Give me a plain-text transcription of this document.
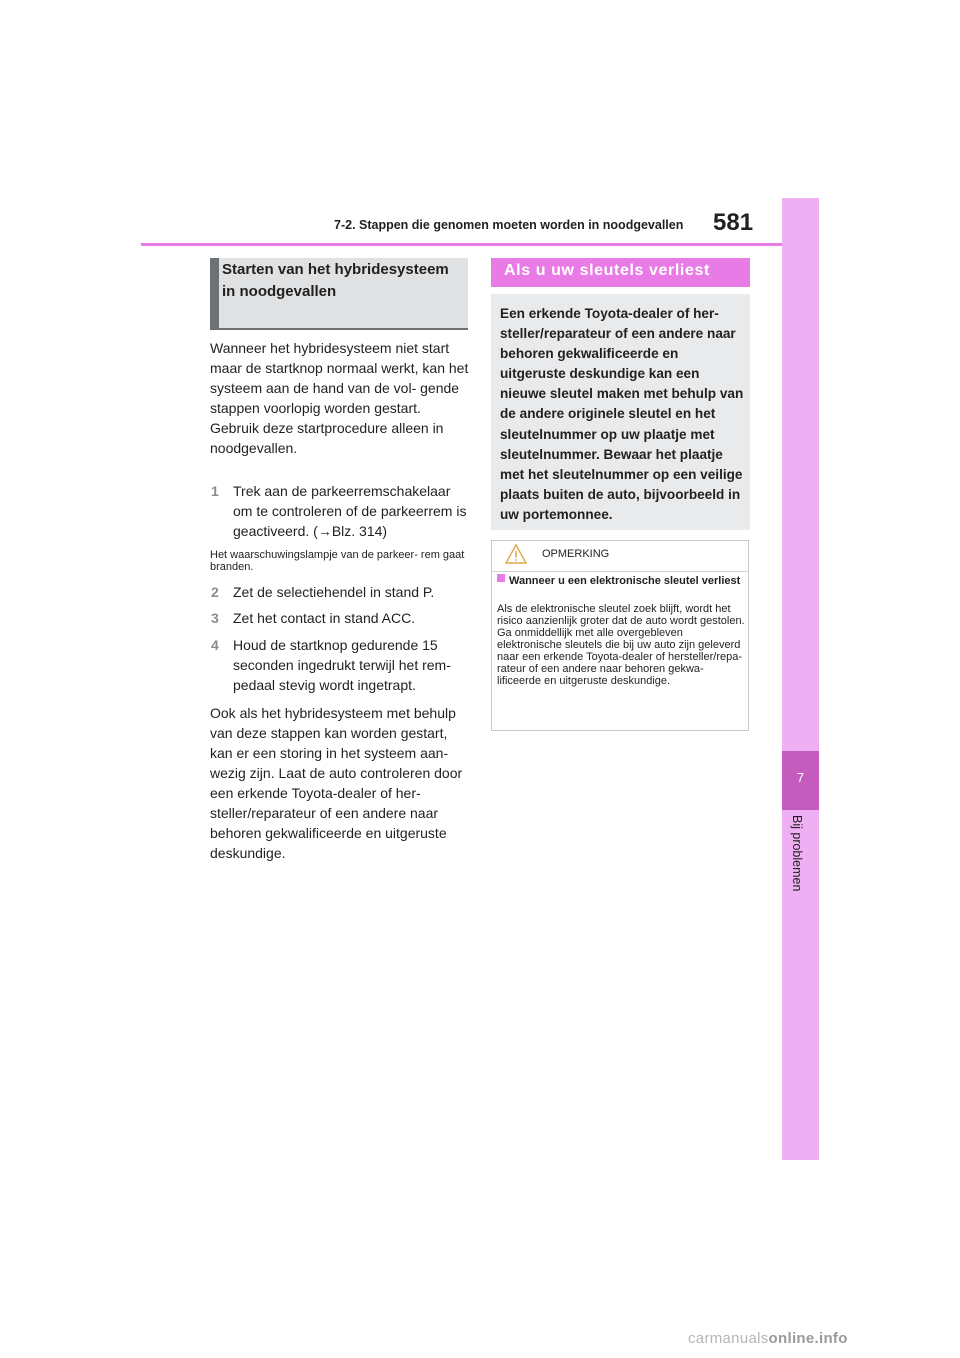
7-2. Stappen die genomen moeten worden in noodgevallen 581
7
Bij problemen
Starten van het hybridesysteem in noodgevallen
Wanneer het hybridesysteem niet start maar de startknop normaal werkt, kan het systeem aan de hand van de vol- gende stappen voorlopig worden gestart.
Gebruik deze startprocedure alleen in noodgevallen.
1 Trek aan de parkeerremschakelaar om te controleren of de parkeerrem is geactiveerd. (→Blz. 314)
Het waarschuwingslampje van de parkeer- rem gaat branden.
2 Zet de selectiehendel in stand P.
3 Zet het contact in stand ACC.
4 Houd de startknop gedurende 15 seconden ingedrukt terwijl het rem- pedaal stevig wordt ingetrapt.
Ook als het hybridesysteem met behulp van deze stappen kan worden gestart, kan er een storing in het systeem aan- wezig zijn. Laat de auto controleren door een erkende Toyota-dealer of her- steller/reparateur of een andere naar behoren gekwalificeerde en uitgeruste deskundige.
Als u uw sleutels verliest
Een erkende Toyota-dealer of her- steller/reparateur of een andere naar behoren gekwalificeerde en uitgeruste deskundige kan een nieuwe sleutel maken met behulp van de andere originele sleutel en het sleutelnummer op uw plaatje met sleutelnummer. Bewaar het plaatje met het sleutelnummer op een veilige plaats buiten de auto, bijvoorbeeld in uw portemonnee.
OPMERKING
Wanneer u een elektronische sleutel verliest
Als de elektronische sleutel zoek blijft, wordt het risico aanzienlijk groter dat de auto wordt gestolen. Ga onmiddellijk met alle overgebleven elektronische sleutels die bij uw auto zijn geleverd naar een erkende Toyota-dealer of hersteller/repa- rateur of een andere naar behoren gekwa- lificeerde en uitgeruste deskundige.
carmanualsonline.info
